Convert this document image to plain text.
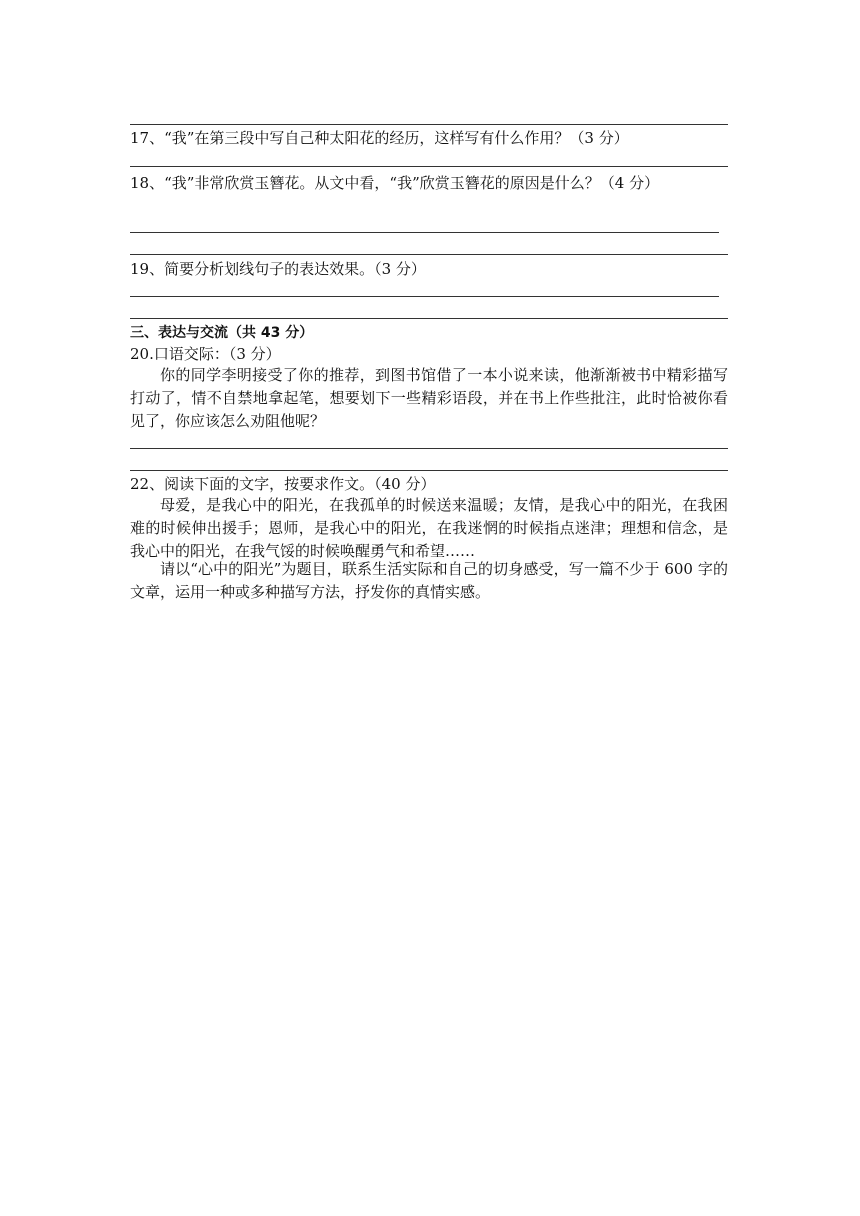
17、“我”在第三段中写自己种太阳花的经历，这样写有什么作用？（3 分）
18、“我”非常欣赏玉簪花。从文中看，“我”欣赏玉簪花的原因是什么？（4 分）
19、简要分析划线句子的表达效果。（3 分）
三、表达与交流（共 43 分）
20.口语交际：（3 分）
你的同学李明接受了你的推荐，到图书馆借了一本小说来读，他渐渐被书中精彩描写打动了，情不自禁地拿起笔，想要划下一些精彩语段，并在书上作些批注，此时恰被你看见了，你应该怎么劝阻他呢？
22、阅读下面的文字，按要求作文。（40 分）
母爱，是我心中的阳光，在我孤单的时候送来温暖；友情，是我心中的阳光，在我困难的时候伸出援手；恩师，是我心中的阳光，在我迷惘的时候指点迷津；理想和信念，是我心中的阳光，在我气馁的时候唤醒勇气和希望……
请以“心中的阳光”为题目，联系生活实际和自己的切身感受，写一篇不少于 600 字的文章，运用一种或多种描写方法，抒发你的真情实感。
